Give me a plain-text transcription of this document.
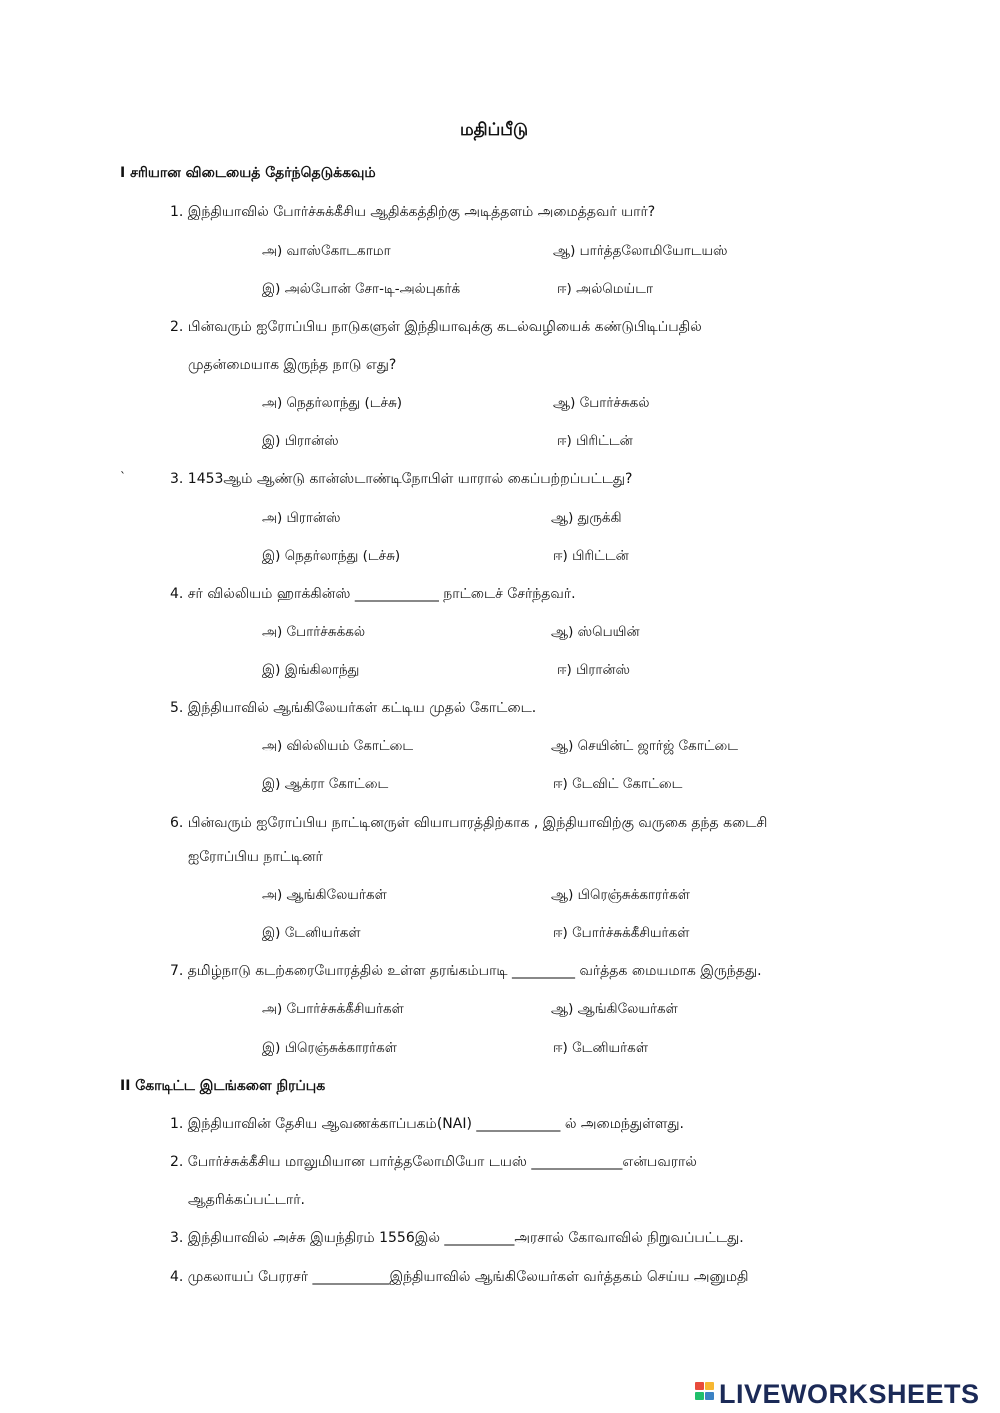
மதிப்பீடு
I சரியான விடையைத் தேர்ந்தெடுக்கவும்
1. இந்தியாவில் போர்ச்சுக்கீசிய ஆதிக்கத்திற்கு அடித்தளம் அமைத்தவர் யார்?
அ) வாஸ்கோடகாமா	ஆ) பார்த்தலோமியோடயஸ்
இ) அல்போன் சோ-டி-அல்புகர்க்	ஈ) அல்மெய்டா
2. பின்வரும் ஐரோப்பிய நாடுகளுள் இந்தியாவுக்கு கடல்வழியைக் கண்டுபிடிப்பதில்
முதன்மையாக இருந்த நாடு எது?
அ) நெதர்லாந்து (டச்சு)	ஆ) போர்ச்சுகல்
இ) பிரான்ஸ்	ஈ) பிரிட்டன்
`	3. 1453ஆம் ஆண்டு கான்ஸ்டாண்டிநோபிள் யாரால் கைப்பற்றப்பட்டது?
அ) பிரான்ஸ்	ஆ) துருக்கி
இ) நெதர்லாந்து (டச்சு)	ஈ) பிரிட்டன்
4. சர் வில்லியம் ஹாக்கின்ஸ் ____________ நாட்டைச் சேர்ந்தவர்.
அ) போர்ச்சுக்கல்	ஆ) ஸ்பெயின்
இ) இங்கிலாந்து	ஈ) பிரான்ஸ்
5. இந்தியாவில் ஆங்கிலேயர்கள் கட்டிய முதல் கோட்டை.
அ) வில்லியம் கோட்டை	ஆ) செயின்ட் ஜார்ஜ் கோட்டை
இ) ஆக்ரா கோட்டை	ஈ) டேவிட் கோட்டை
6. பின்வரும் ஐரோப்பிய நாட்டினருள் வியாபாரத்திற்காக , இந்தியாவிற்கு வருகை தந்த கடைசி
ஐரோப்பிய நாட்டினர்
அ) ஆங்கிலேயர்கள்	ஆ) பிரெஞ்சுக்காரர்கள்
இ) டேனியர்கள்	ஈ) போர்ச்சுக்கீசியர்கள்
7. தமிழ்நாடு கடற்கரையோரத்தில் உள்ள தரங்கம்பாடி _________ வர்த்தக மையமாக இருந்தது.
அ) போர்ச்சுக்கீசியர்கள்	ஆ) ஆங்கிலேயர்கள்
இ) பிரெஞ்சுக்காரர்கள்	ஈ) டேனியர்கள்
II கோடிட்ட இடங்களை நிரப்புக
1. இந்தியாவின் தேசிய ஆவணக்காப்பகம்(NAI) ____________ ல் அமைந்துள்ளது.
2. போர்ச்சுக்கீசிய மாலுமியான பார்த்தலோமியோ டயஸ் _____________என்பவரால்
ஆதரிக்கப்பட்டார்.
3. இந்தியாவில் அச்சு இயந்திரம் 1556இல் __________அரசால் கோவாவில் நிறுவப்பட்டது.
4. முகலாயப் பேரரசர் ___________இந்தியாவில் ஆங்கிலேயர்கள் வர்த்தகம் செய்ய அனுமதி
LIVEWORKSHEETS
